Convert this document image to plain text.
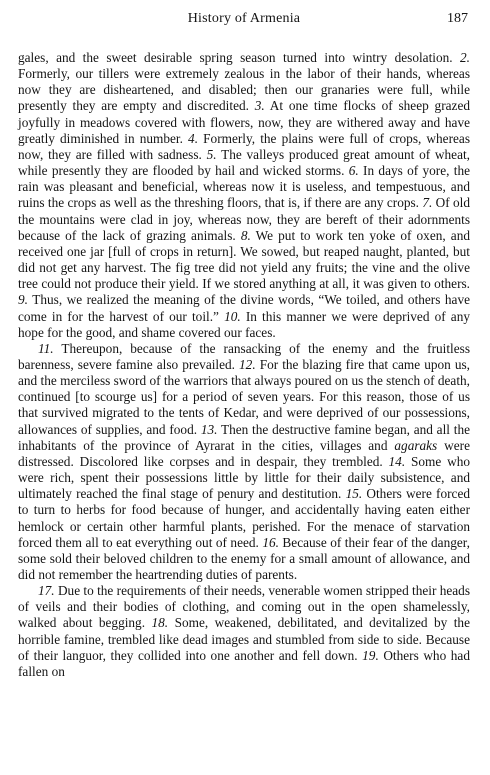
History of Armenia	187

gales, and the sweet desirable spring season turned into wintry desolation. 2. Formerly, our tillers were extremely zealous in the labor of their hands, whereas now they are disheartened, and disabled; then our granaries were full, while presently they are empty and discredited. 3. At one time flocks of sheep grazed joyfully in meadows covered with flowers, now, they are withered away and have greatly diminished in number. 4. Formerly, the plains were full of crops, whereas now, they are filled with sadness. 5. The valleys produced great amount of wheat, while presently they are flooded by hail and wicked storms. 6. In days of yore, the rain was pleasant and beneficial, whereas now it is useless, and tempestuous, and ruins the crops as well as the threshing floors, that is, if there are any crops. 7. Of old the mountains were clad in joy, whereas now, they are bereft of their adornments because of the lack of grazing animals. 8. We put to work ten yoke of oxen, and received one jar [full of crops in return]. We sowed, but reaped naught, planted, but did not get any harvest. The fig tree did not yield any fruits; the vine and the olive tree could not produce their yield. If we stored anything at all, it was given to others. 9. Thus, we realized the meaning of the divine words, “We toiled, and others have come in for the harvest of our toil.” 10. In this manner we were deprived of any hope for the good, and shame covered our faces.

11. Thereupon, because of the ransacking of the enemy and the fruitless barenness, severe famine also prevailed. 12. For the blazing fire that came upon us, and the merciless sword of the warriors that always poured on us the stench of death, continued [to scourge us] for a period of seven years. For this reason, those of us that survived migrated to the tents of Kedar, and were deprived of our possessions, allowances of supplies, and food. 13. Then the destructive famine began, and all the inhabitants of the province of Ayrarat in the cities, villages and agaraks were distressed. Discolored like corpses and in despair, they trembled. 14. Some who were rich, spent their possessions little by little for their daily subsistence, and ultimately reached the final stage of penury and destitution. 15. Others were forced to turn to herbs for food because of hunger, and accidentally having eaten either hemlock or certain other harmful plants, perished. For the menace of starvation forced them all to eat everything out of need. 16. Because of their fear of the danger, some sold their beloved children to the enemy for a small amount of allowance, and did not remember the heartrending duties of parents.

17. Due to the requirements of their needs, venerable women stripped their heads of veils and their bodies of clothing, and coming out in the open shamelessly, walked about begging. 18. Some, weakened, debilitated, and devitalized by the horrible famine, trembled like dead images and stumbled from side to side. Because of their languor, they collided into one another and fell down. 19. Others who had fallen on
